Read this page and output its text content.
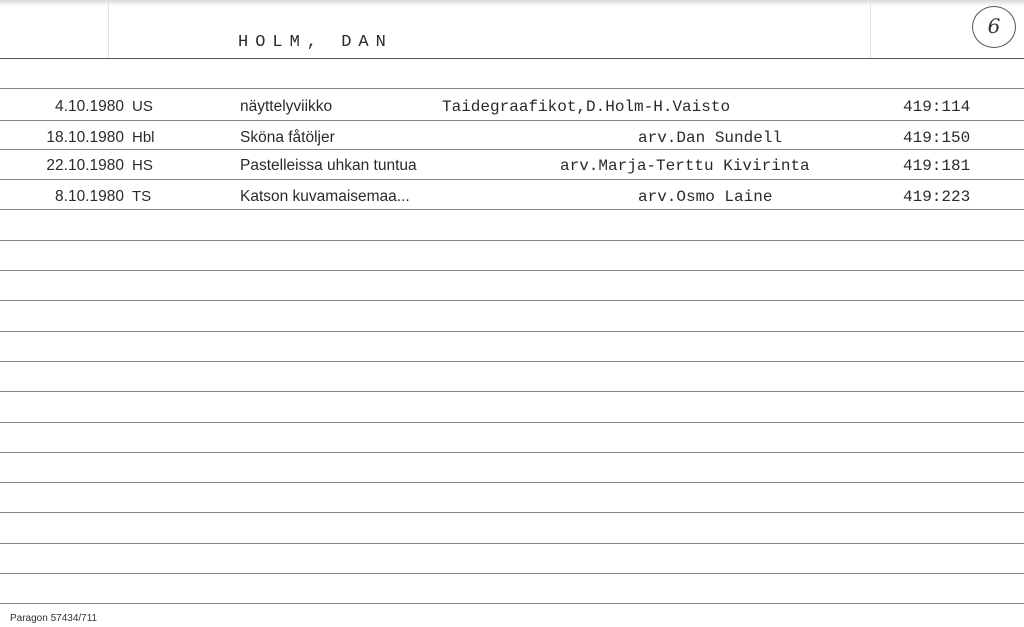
HOLM, DAN
6
4.10.1980 US	näyttelyviikko	Taidegraafikot,D.Holm-H.Vaisto	419:114
18.10.1980 Hbl	Sköna fåtöljer	arv.Dan Sundell	419:150
22.10.1980 HS	Pastelleissa uhkan tuntua	arv.Marja-Terttu Kivirinta	419:181
8.10.1980 TS	Katson kuvamaisemaa...	arv.Osmo Laine	419:223
Paragon 57434/711
